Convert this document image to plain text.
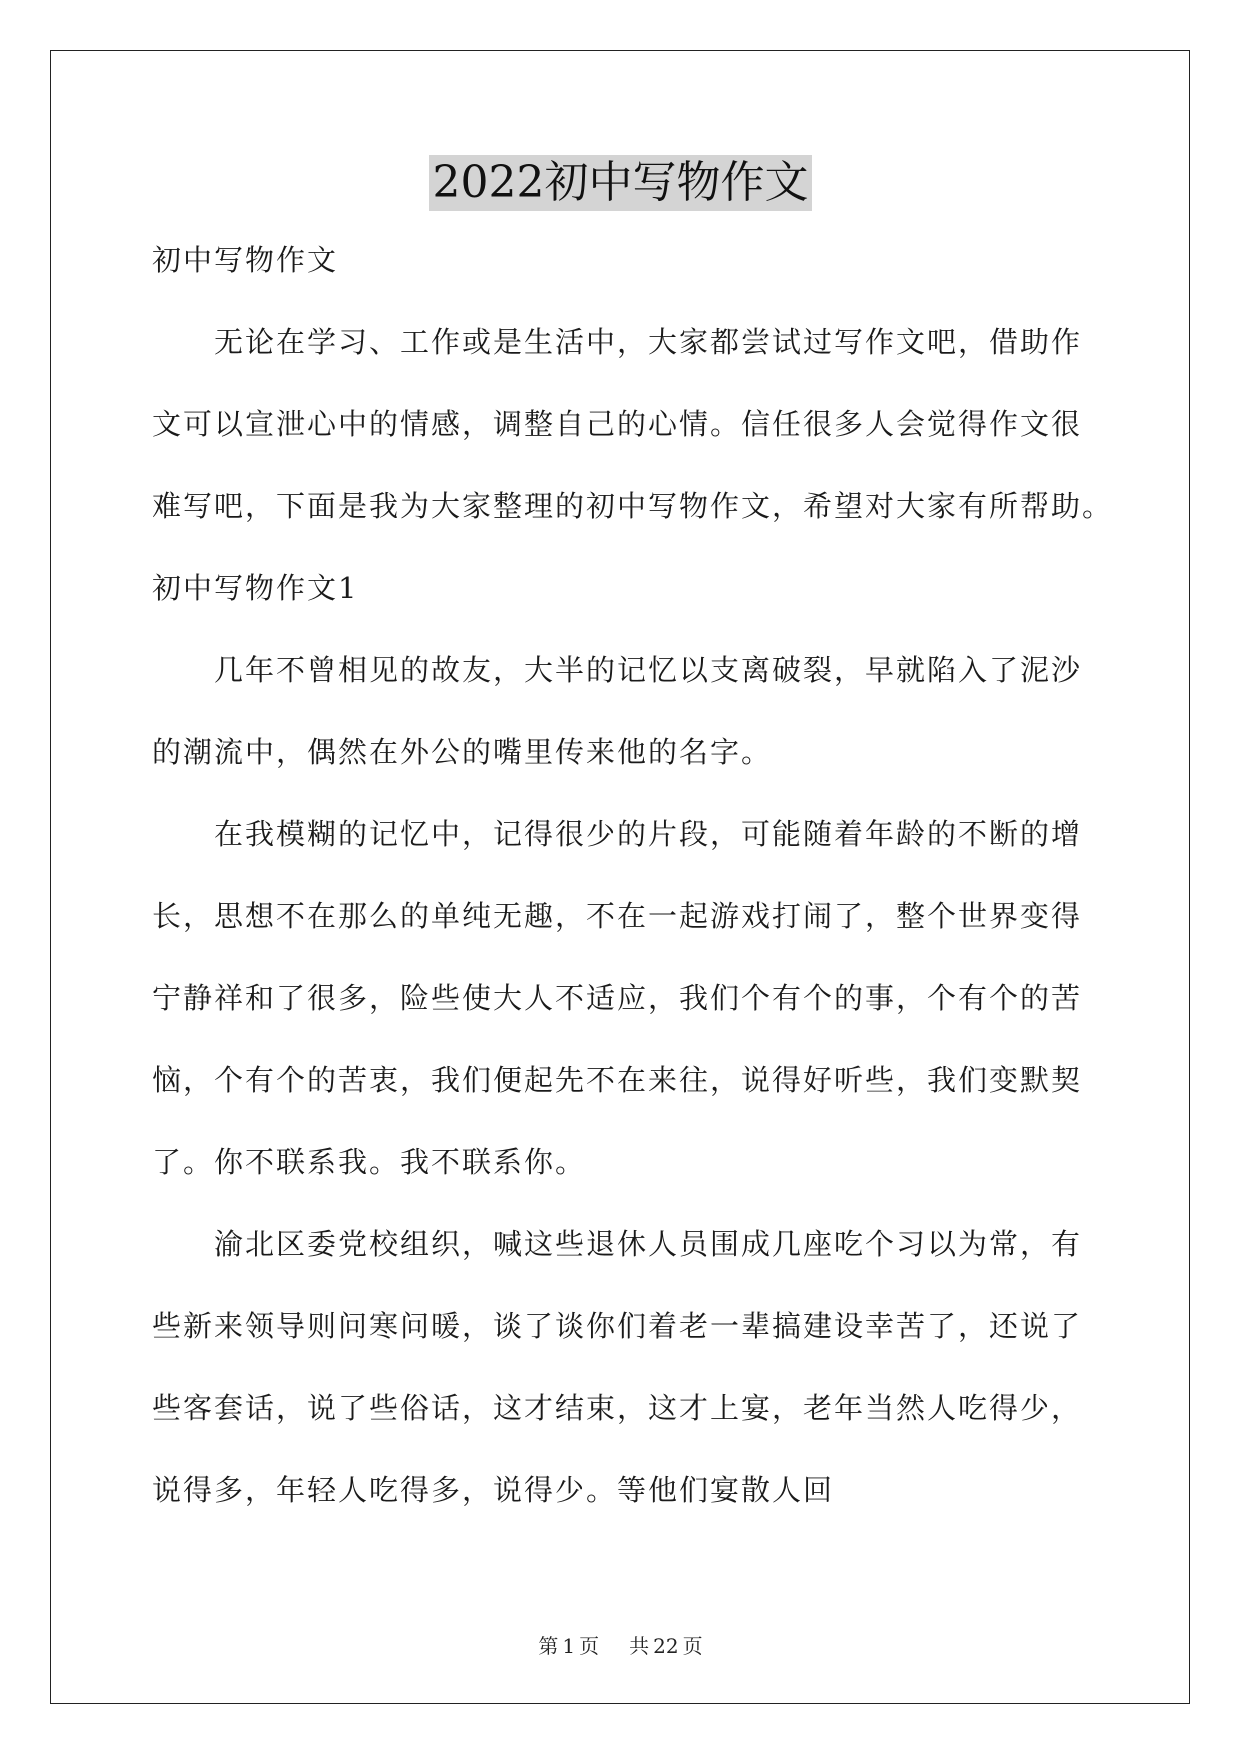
2022初中写物作文
初中写物作文
无论在学习、工作或是生活中，大家都尝试过写作文吧，借助作
文可以宣泄心中的情感，调整自己的心情。信任很多人会觉得作文很
难写吧，下面是我为大家整理的初中写物作文，希望对大家有所帮助。
初中写物作文1
几年不曾相见的故友，大半的记忆以支离破裂，早就陷入了泥沙
的潮流中，偶然在外公的嘴里传来他的名字。
在我模糊的记忆中，记得很少的片段，可能随着年龄的不断的增
长，思想不在那么的单纯无趣，不在一起游戏打闹了，整个世界变得
宁静祥和了很多，险些使大人不适应，我们个有个的事，个有个的苦
恼，个有个的苦衷，我们便起先不在来往，说得好听些，我们变默契
了。你不联系我。我不联系你。
渝北区委党校组织，喊这些退休人员围成几座吃个习以为常，有
些新来领导则问寒问暖，谈了谈你们着老一辈搞建设幸苦了，还说了
些客套话，说了些俗话，这才结束，这才上宴，老年当然人吃得少，
说得多，年轻人吃得多，说得少。等他们宴散人回
第 1 页 共 22 页
